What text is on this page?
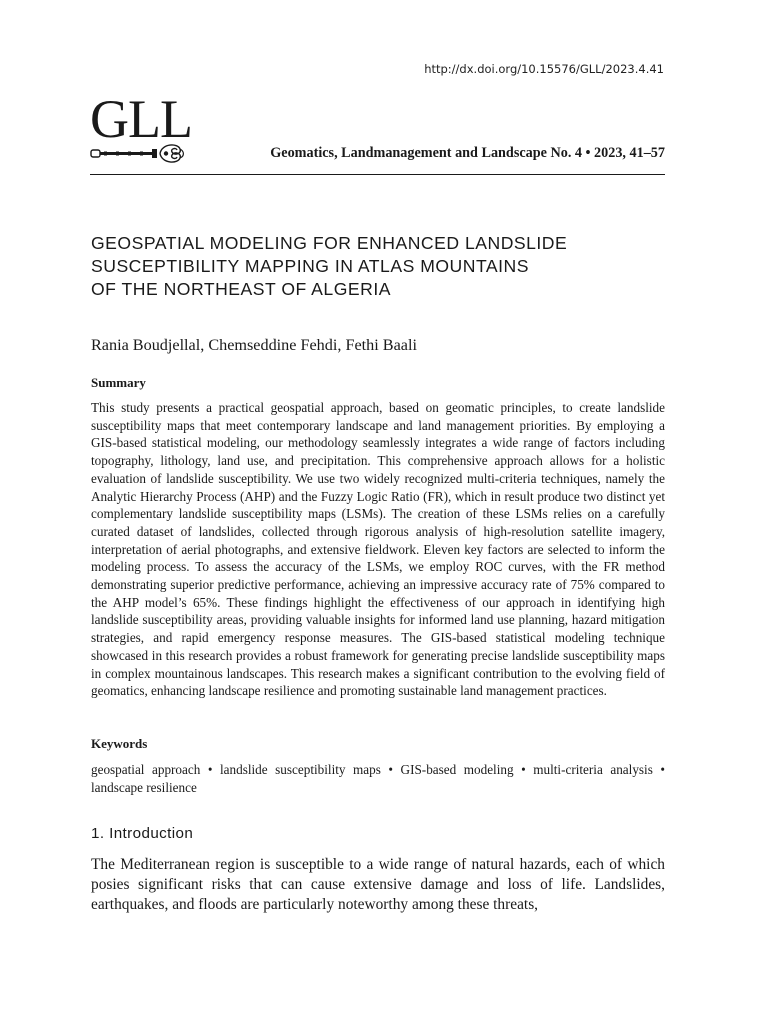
http://dx.doi.org/10.15576/GLL/2023.4.41
GLL
Geomatics, Landmanagement and Landscape No. 4 • 2023, 41–57
GEOSPATIAL MODELING FOR ENHANCED LANDSLIDE
SUSCEPTIBILITY MAPPING IN ATLAS MOUNTAINS
OF THE NORTHEAST OF ALGERIA
Rania Boudjellal, Chemseddine Fehdi, Fethi Baali
Summary

This study presents a practical geospatial approach, based on geomatic principles, to create landslide susceptibility maps that meet contemporary landscape and land management priorities. By employing a GIS-based statistical modeling, our methodology seamlessly integrates a wide range of factors including topography, lithology, land use, and precipitation. This comprehensive approach allows for a holistic evaluation of landslide susceptibility. We use two widely recognized multi-criteria techniques, namely the Analytic Hierarchy Process (AHP) and the Fuzzy Logic Ratio (FR), which in result produce two distinct yet complementary landslide susceptibility maps (LSMs). The creation of these LSMs relies on a carefully curated dataset of landslides, collected through rigorous analysis of high-resolution satellite imagery, interpretation of aerial photographs, and extensive fieldwork. Eleven key factors are selected to inform the modeling process. To assess the accuracy of the LSMs, we employ ROC curves, with the FR method demonstrating superior predictive performance, achieving an impressive accuracy rate of 75% compared to the AHP model’s 65%. These findings highlight the effectiveness of our approach in identifying high landslide susceptibility areas, providing valuable insights for informed land use planning, hazard mitigation strategies, and rapid emergency response measures. The GIS-based statistical modeling technique showcased in this research provides a robust framework for generating precise landslide susceptibility maps in complex mountainous landscapes. This research makes a significant contribution to the evolving field of geomatics, enhancing landscape resilience and promoting sustainable land management practices.

Keywords

geospatial approach • landslide susceptibility maps • GIS-based modeling • multi-criteria analysis • landscape resilience

1. Introduction

The Mediterranean region is susceptible to a wide range of natural hazards, each of which posies significant risks that can cause extensive damage and loss of life. Landslides, earthquakes, and floods are particularly noteworthy among these threats,
